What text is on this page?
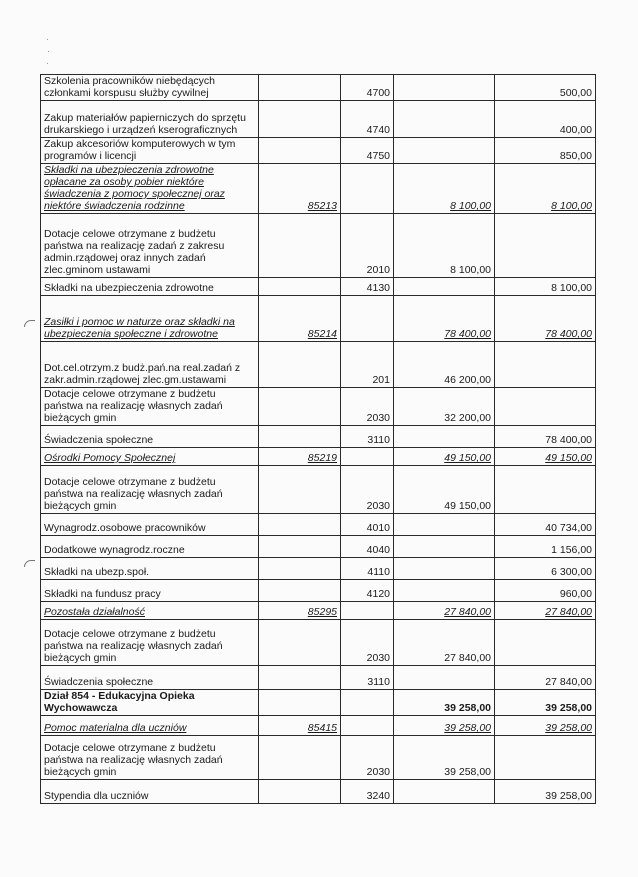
·
·
·
Szkolenia pracowników niebędących członkami korspusu służby cywilnej		4700		500,00
Zakup materiałów papierniczych do sprzętu drukarskiego i urządzeń kserograficznych		4740		400,00
Zakup akcesoriów komputerowych w tym programów i licencji		4750		850,00
Składki na ubezpieczenia zdrowotne opłacane za osoby pobier niektóre świadczenia z pomocy społecznej oraz niektóre świadczenia rodzinne	85213		8 100,00	8 100,00
Dotacje celowe otrzymane z budżetu państwa na realizację zadań z zakresu admin.rządowej oraz innych zadań zlec.gminom ustawami		2010	8 100,00	
Składki na ubezpieczenia zdrowotne		4130		8 100,00
Zasiłki i pomoc w naturze oraz składki na ubezpieczenia społeczne i zdrowotne	85214		78 400,00	78 400,00
Dot.cel.otrzym.z budż.pań.na real.zadań z zakr.admin.rządowej zlec.gm.ustawami		201	46 200,00	
Dotacje celowe otrzymane z budżetu państwa na realizację własnych zadań bieżących gmin		2030	32 200,00	
Świadczenia społeczne		3110		78 400,00
Ośrodki Pomocy Społecznej	85219		49 150,00	49 150,00
Dotacje celowe otrzymane z budżetu państwa na realizację własnych zadań bieżących gmin		2030	49 150,00	
Wynagrodz.osobowe pracowników		4010		40 734,00
Dodatkowe wynagrodz.roczne		4040		1 156,00
Składki na ubezp.społ.		4110		6 300,00
Składki na fundusz pracy		4120		960,00
Pozostała działalność	85295		27 840,00	27 840,00
Dotacje celowe otrzymane z budżetu państwa na realizację własnych zadań bieżących gmin		2030	27 840,00	
Świadczenia społeczne		3110		27 840,00
Dział 854 - Edukacyjna Opieka Wychowawcza			39 258,00	39 258,00
Pomoc materialna dla uczniów	85415		39 258,00	39 258,00
Dotacje celowe otrzymane z budżetu państwa na realizację własnych zadań bieżących gmin		2030	39 258,00	
Stypendia dla uczniów		3240		39 258,00
